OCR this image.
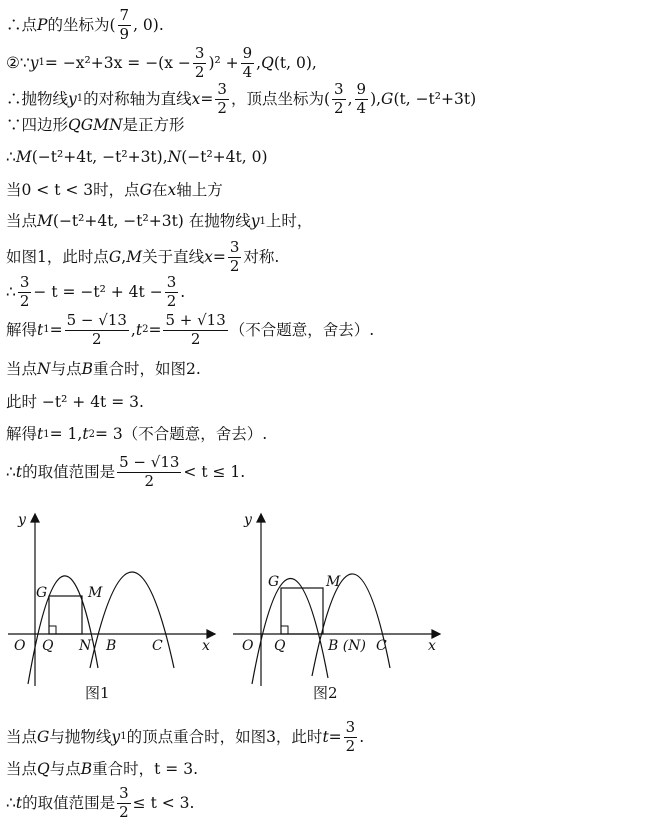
∴点 P 的坐标为(
7
9
, 0).
②∵ y $1 = -x^2+3x = -(x - \frac{3}{2} )^2 + \frac{9}{4}$ , Q (t, 0),
∴抛物线 y 1 的对称轴为直线 $x = \frac{3}{2}$ ，顶点坐标为(
3
2
,
9
4
), G (t, −t²+3t)
∵四边形 QGMN 是正方形
∴ M (−t²+4t, −t²+3t), N (−t²+4t, 0)
当0 < t < 3时，点 G 在 x 轴上方
当点 M (−t²+4t, −t²+3t) 在抛物线 y 1 上时，
如图1，此时点 G , M 关于直线 $x = \frac{3}{2}$ 对称.
∴
3
2
− $t = -t^2 + 4t - \frac{3}{2}$ .
解得 t $1 = \frac{5 - √13}{2}$ , t $2 = \frac{5 + √13}{2}$ （不合题意，舍去）.
当点 N 与点 B 重合时，如图2.
此时 −t² + 4t = 3.
解得 t 1 = 1, t 2 = 3（不合题意，舍去）.
∴ t 的取值范围是
5 − √13
2
< t ≤ 1.
y
x
O Q N B	C
G	M
图1
y
x
O Q	B (N) C
G	M
图2
当点 G 与抛物线 y 1 的顶点重合时，如图3，此时 $t = \frac{3}{2}$ .
当点 Q 与点 B 重合时，t = 3.
∴ t 的取值范围是 $\frac{3}{2} \le t < 3$.
